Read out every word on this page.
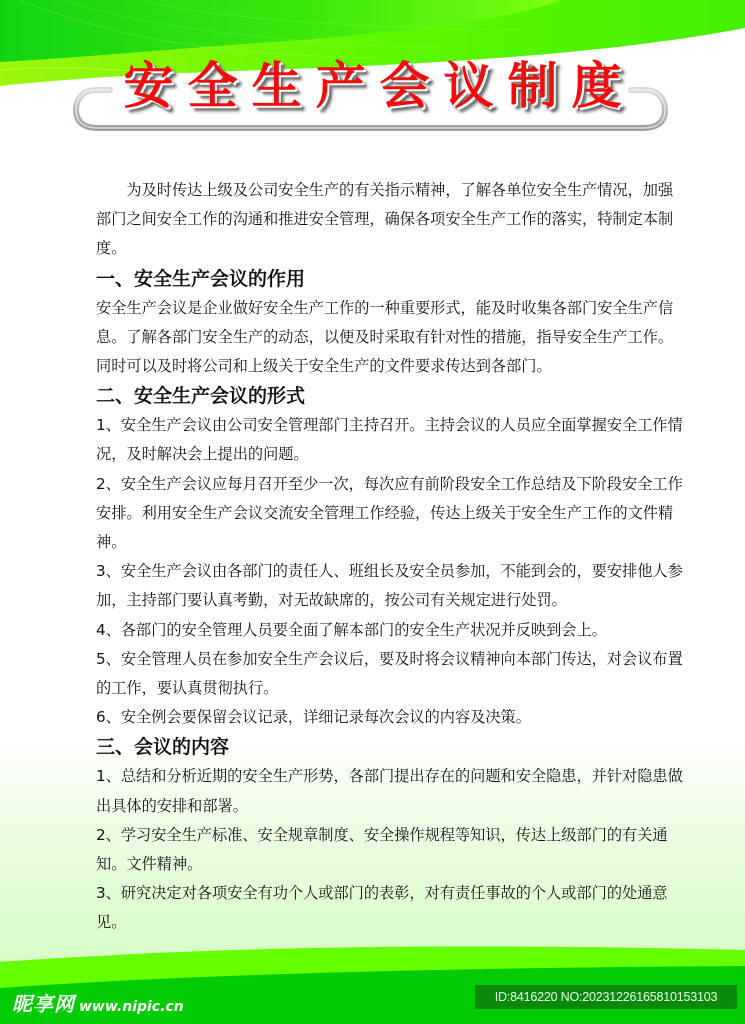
安全生产会议制度

为及时传达上级及公司安全生产的有关指示精神，了解各单位安全生产情况，加强部门之间安全工作的沟通和推进安全管理，确保各项安全生产工作的落实，特制定本制度。

一、安全生产会议的作用

安全生产会议是企业做好安全生产工作的一种重要形式，能及时收集各部门安全生产信息。了解各部门安全生产的动态，以便及时采取有针对性的措施，指导安全生产工作。同时可以及时将公司和上级关于安全生产的文件要求传达到各部门。

二、安全生产会议的形式

1、安全生产会议由公司安全管理部门主持召开。主持会议的人员应全面掌握安全工作情况，及时解决会上提出的问题。

2、安全生产会议应每月召开至少一次，每次应有前阶段安全工作总结及下阶段安全工作安排。利用安全生产会议交流安全管理工作经验，传达上级关于安全生产工作的文件精神。

3、安全生产会议由各部门的责任人、班组长及安全员参加，不能到会的，要安排他人参加，主持部门要认真考勤，对无故缺席的，按公司有关规定进行处罚。

4、各部门的安全管理人员要全面了解本部门的安全生产状况并反映到会上。

5、安全管理人员在参加安全生产会议后，要及时将会议精神向本部门传达，对会议布置的工作，要认真贯彻执行。

6、安全例会要保留会议记录，详细记录每次会议的内容及决策。

三、会议的内容

1、总结和分析近期的安全生产形势，各部门提出存在的问题和安全隐患，并针对隐患做出具体的安排和部署。

2、学习安全生产标准、安全规章制度、安全操作规程等知识，传达上级部门的有关通知。文件精神。

3、研究决定对各项安全有功个人或部门的表彰，对有责任事故的个人或部门的处通意见。

昵享网 www.nipic.cn
ID:8416220 NO:20231226165810153103
